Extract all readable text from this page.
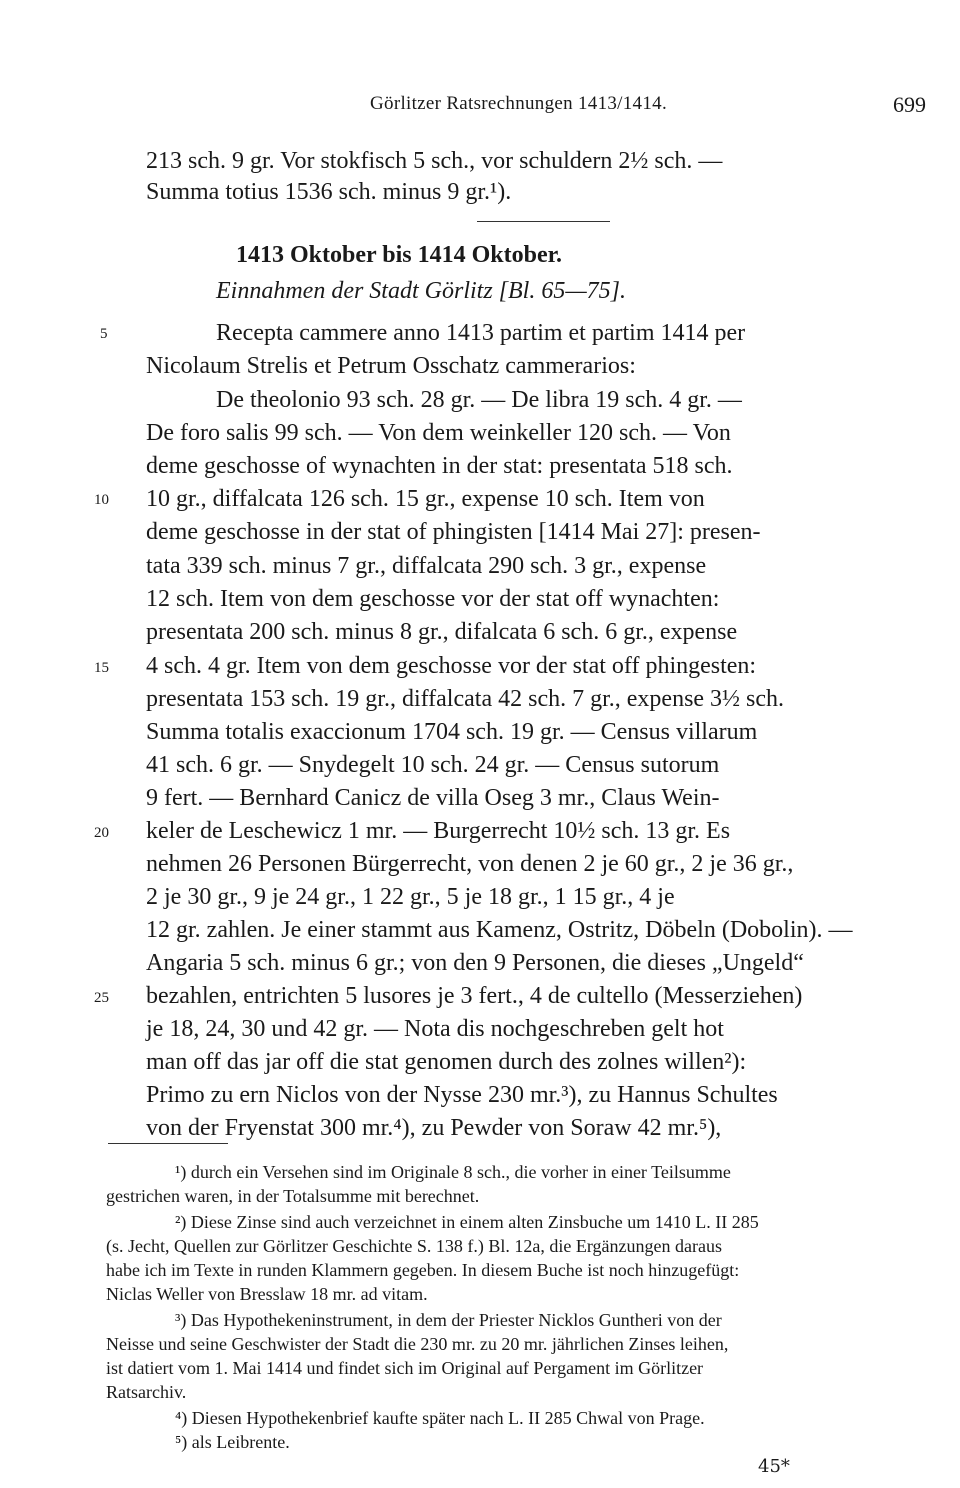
Görlitzer Ratsrechnungen 1413/1414.	699
213 sch. 9 gr. Vor stokfisch 5 sch., vor schuldern 2½ sch. —
Summa totius 1536 sch. minus 9 gr.¹).
1413 Oktober bis 1414 Oktober.
Einnahmen der Stadt Görlitz [Bl. 65—75].
5
10
15
20
25
Recepta cammere anno 1413 partim et partim 1414 per
Nicolaum Strelis et Petrum Osschatz cammerarios:
De theolonio 93 sch. 28 gr. — De libra 19 sch. 4 gr. —
De foro salis 99 sch. — Von dem weinkeller 120 sch. — Von
deme geschosse of wynachten in der stat: presentata 518 sch.
10 gr., diffalcata 126 sch. 15 gr., expense 10 sch. Item von
deme geschosse in der stat of phingisten [1414 Mai 27]: presen-
tata 339 sch. minus 7 gr., diffalcata 290 sch. 3 gr., expense
12 sch. Item von dem geschosse vor der stat off wynachten:
presentata 200 sch. minus 8 gr., difalcata 6 sch. 6 gr., expense
4 sch. 4 gr. Item von dem geschosse vor der stat off phingesten:
presentata 153 sch. 19 gr., diffalcata 42 sch. 7 gr., expense 3½ sch.
Summa totalis exaccionum 1704 sch. 19 gr. — Census villarum
41 sch. 6 gr. — Snydegelt 10 sch. 24 gr. — Census sutorum
9 fert. — Bernhard Canicz de villa Oseg 3 mr., Claus Wein-
keler de Leschewicz 1 mr. — Burgerrecht 10½ sch. 13 gr. Es
nehmen 26 Personen Bürgerrecht, von denen 2 je 60 gr., 2 je 36 gr.,
2 je 30 gr., 9 je 24 gr., 1 22 gr., 5 je 18 gr., 1 15 gr., 4 je
12 gr. zahlen. Je einer stammt aus Kamenz, Ostritz, Döbeln (Dobolin). —
Angaria 5 sch. minus 6 gr.; von den 9 Personen, die dieses „Ungeld“
bezahlen, entrichten 5 lusores je 3 fert., 4 de cultello (Messerziehen)
je 18, 24, 30 und 42 gr. — Nota dis nochgeschreben gelt hot
man off das jar off die stat genomen durch des zolnes willen²):
Primo zu ern Niclos von der Nysse 230 mr.³), zu Hannus Schultes
von der Fryenstat 300 mr.⁴), zu Pewder von Soraw 42 mr.⁵),
¹) durch ein Versehen sind im Originale 8 sch., die vorher in einer Teilsumme
gestrichen waren, in der Totalsumme mit berechnet.
²) Diese Zinse sind auch verzeichnet in einem alten Zinsbuche um 1410 L. II 285
(s. Jecht, Quellen zur Görlitzer Geschichte S. 138 f.) Bl. 12a, die Ergänzungen daraus
habe ich im Texte in runden Klammern gegeben. In diesem Buche ist noch hinzugefügt:
Niclas Weller von Bresslaw 18 mr. ad vitam.
³) Das Hypothekeninstrument, in dem der Priester Nicklos Guntheri von der
Neisse und seine Geschwister der Stadt die 230 mr. zu 20 mr. jährlichen Zinses leihen,
ist datiert vom 1. Mai 1414 und findet sich im Original auf Pergament im Görlitzer
Ratsarchiv.
⁴) Diesen Hypothekenbrief kaufte später nach L. II 285 Chwal von Prage.
⁵) als Leibrente.
45*
